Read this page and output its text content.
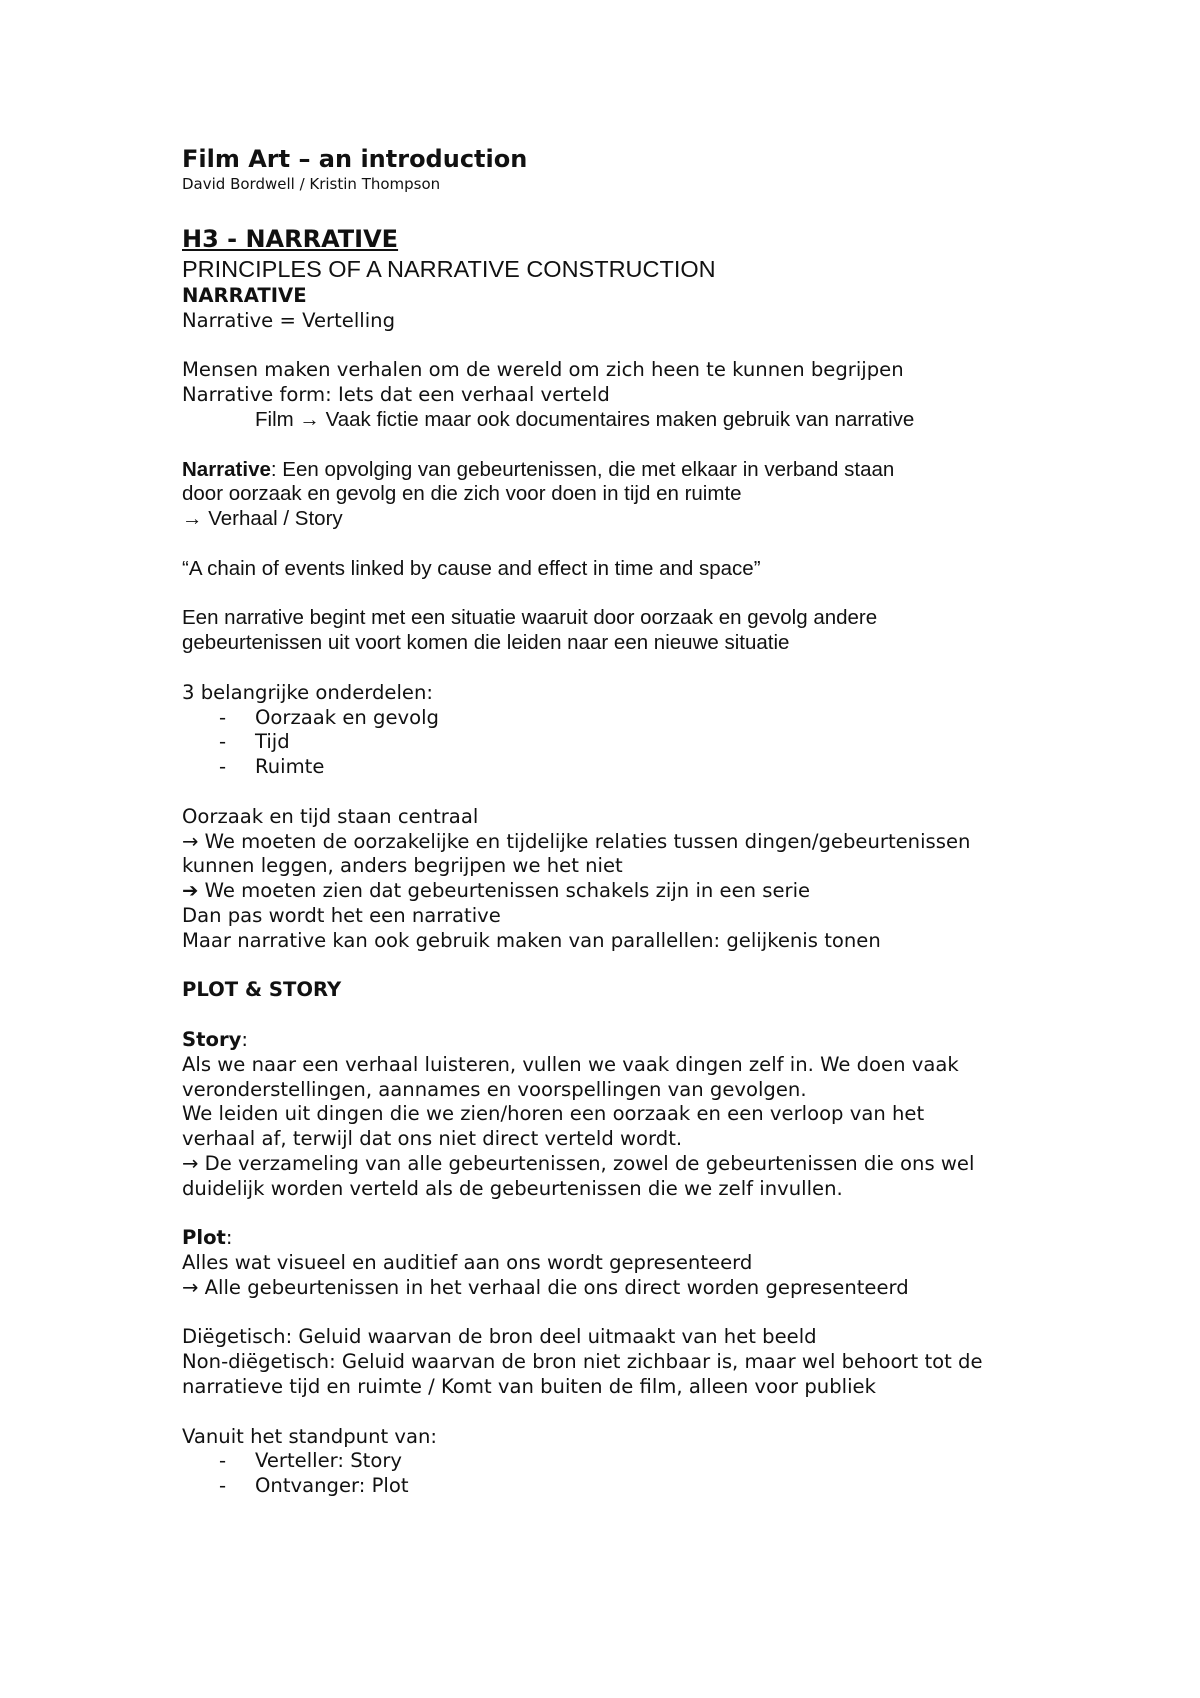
Film Art – an introduction

David Bordwell / Kristin Thompson

H3 - NARRATIVE

PRINCIPLES OF A NARRATIVE CONSTRUCTION

NARRATIVE

Narrative = Vertelling

Mensen maken verhalen om de wereld om zich heen te kunnen begrijpen

Narrative form: Iets dat een verhaal verteld

Film → Vaak fictie maar ook documentaires maken gebruik van narrative

Narrative: Een opvolging van gebeurtenissen, die met elkaar in verband staan

door oorzaak en gevolg en die zich voor doen in tijd en ruimte

→ Verhaal / Story

“A chain of events linked by cause and effect in time and space”

Een narrative begint met een situatie waaruit door oorzaak en gevolg andere

gebeurtenissen uit voort komen die leiden naar een nieuwe situatie

3 belangrijke onderdelen:

- Oorzaak en gevolg
- Tijd
- Ruimte

Oorzaak en tijd staan centraal

→ We moeten de oorzakelijke en tijdelijke relaties tussen dingen/gebeurtenissen

kunnen leggen, anders begrijpen we het niet

➔ We moeten zien dat gebeurtenissen schakels zijn in een serie

Dan pas wordt het een narrative

Maar narrative kan ook gebruik maken van parallellen: gelijkenis tonen

PLOT & STORY

Story:

Als we naar een verhaal luisteren, vullen we vaak dingen zelf in. We doen vaak

veronderstellingen, aannames en voorspellingen van gevolgen.

We leiden uit dingen die we zien/horen een oorzaak en een verloop van het

verhaal af, terwijl dat ons niet direct verteld wordt.

→ De verzameling van alle gebeurtenissen, zowel de gebeurtenissen die ons wel

duidelijk worden verteld als de gebeurtenissen die we zelf invullen.

Plot:

Alles wat visueel en auditief aan ons wordt gepresenteerd

→ Alle gebeurtenissen in het verhaal die ons direct worden gepresenteerd

Diëgetisch: Geluid waarvan de bron deel uitmaakt van het beeld

Non-diëgetisch: Geluid waarvan de bron niet zichbaar is, maar wel behoort tot de

narratieve tijd en ruimte / Komt van buiten de film, alleen voor publiek

Vanuit het standpunt van:

- Verteller: Story
- Ontvanger: Plot
